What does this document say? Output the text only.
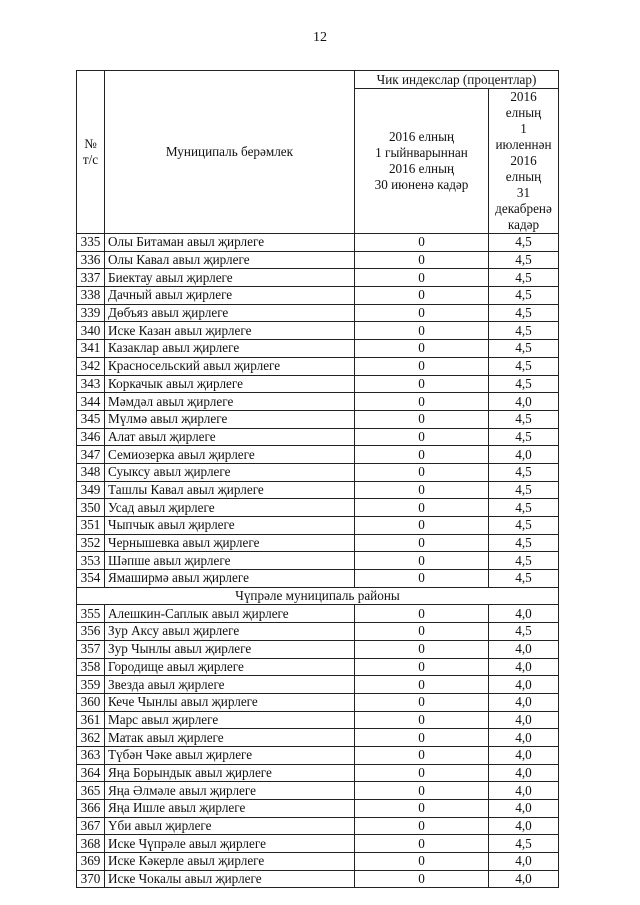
12
№
т/с	Муниципаль берәмлек	Чик индекслар (процентлар)	
		2016 елның
1 гыйнварыннан
2016 елның
30 июненә кадәр	2016 елның
1 июленнән
2016 елның
31 декабренә
кадәр
335	Олы Битаман авыл җирлеге	0	4,5
336	Олы Кавал авыл җирлеге	0	4,5
337	Биектау авыл җирлеге	0	4,5
338	Дачный авыл җирлеге	0	4,5
339	Дөбъяз авыл җирлеге	0	4,5
340	Иске Казан авыл җирлеге	0	4,5
341	Казаклар авыл җирлеге	0	4,5
342	Красносельский авыл җирлеге	0	4,5
343	Коркачык авыл җирлеге	0	4,5
344	Мәмдәл авыл җирлеге	0	4,0
345	Мүлмә авыл җирлеге	0	4,5
346	Алат авыл җирлеге	0	4,5
347	Семиозерка авыл җирлеге	0	4,0
348	Суыксу авыл җирлеге	0	4,5
349	Ташлы Кавал авыл җирлеге	0	4,5
350	Усад авыл җирлеге	0	4,5
351	Чыпчык авыл җирлеге	0	4,5
352	Чернышевка авыл җирлеге	0	4,5
353	Шәпше авыл җирлеге	0	4,5
354	Ямаширмә авыл җирлеге	0	4,5
Чүпрәле муниципаль районы			
355	Алешкин-Саплык авыл җирлеге	0	4,0
356	Зур Аксу авыл җирлеге	0	4,5
357	Зур Чынлы авыл җирлеге	0	4,0
358	Городище авыл җирлеге	0	4,0
359	Звезда авыл җирлеге	0	4,0
360	Кече Чынлы авыл җирлеге	0	4,0
361	Марс авыл җирлеге	0	4,0
362	Матак авыл җирлеге	0	4,0
363	Түбән Чәке авыл җирлеге	0	4,0
364	Яңа Борындык авыл җирлеге	0	4,0
365	Яңа Әлмәле авыл җирлеге	0	4,0
366	Яңа Ишле авыл җирлеге	0	4,0
367	Үби авыл җирлеге	0	4,0
368	Иске Чүпрәле авыл җирлеге	0	4,5
369	Иске Кәкерле авыл җирлеге	0	4,0
370	Иске Чокалы авыл җирлеге	0	4,0
